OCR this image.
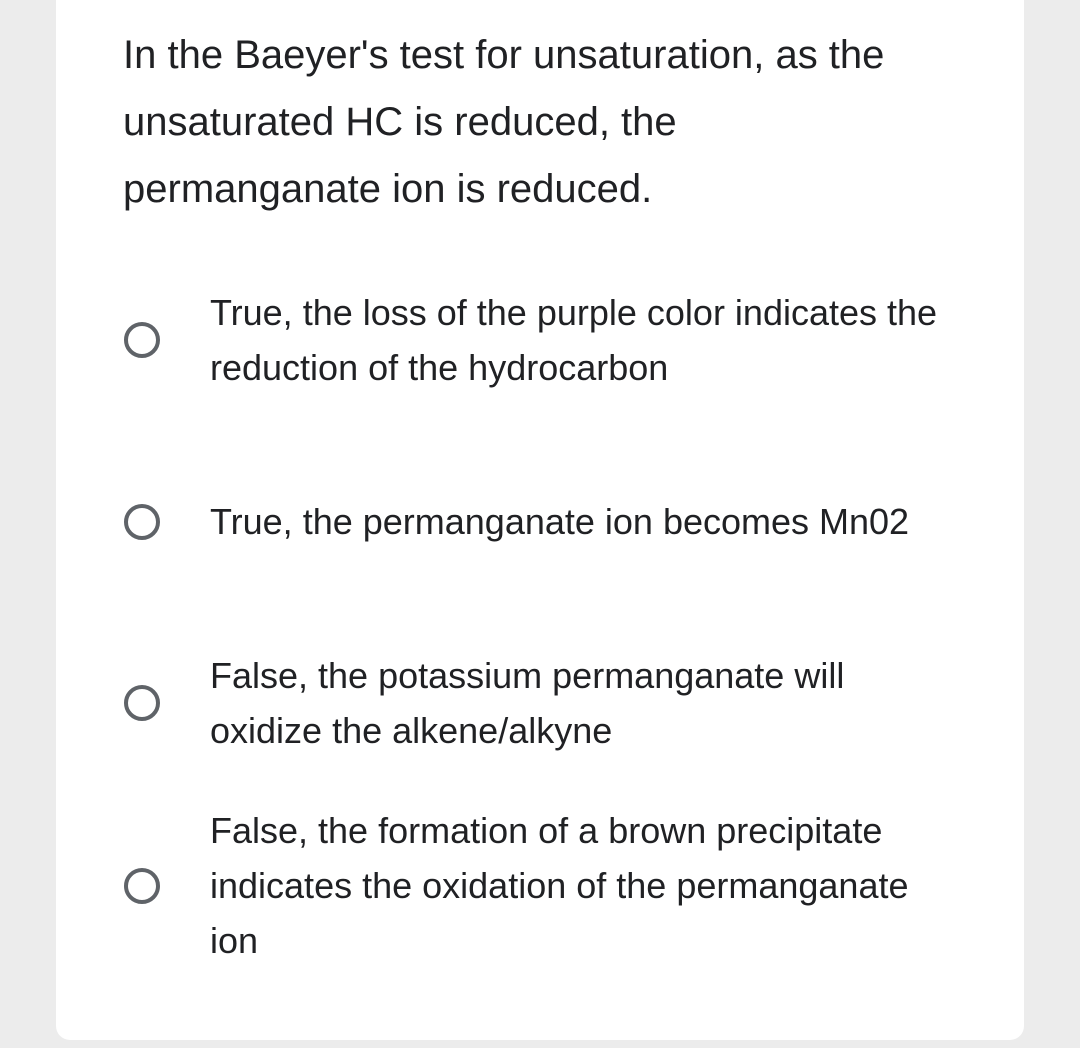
In the Baeyer's test for unsaturation, as the unsaturated HC is reduced, the permanganate ion is reduced.

True, the loss of the purple color indicates the reduction of the hydrocarbon
True, the permanganate ion becomes Mn02
False, the potassium permanganate will oxidize the alkene/alkyne
False, the formation of a brown precipitate indicates the oxidation of the permanganate ion
